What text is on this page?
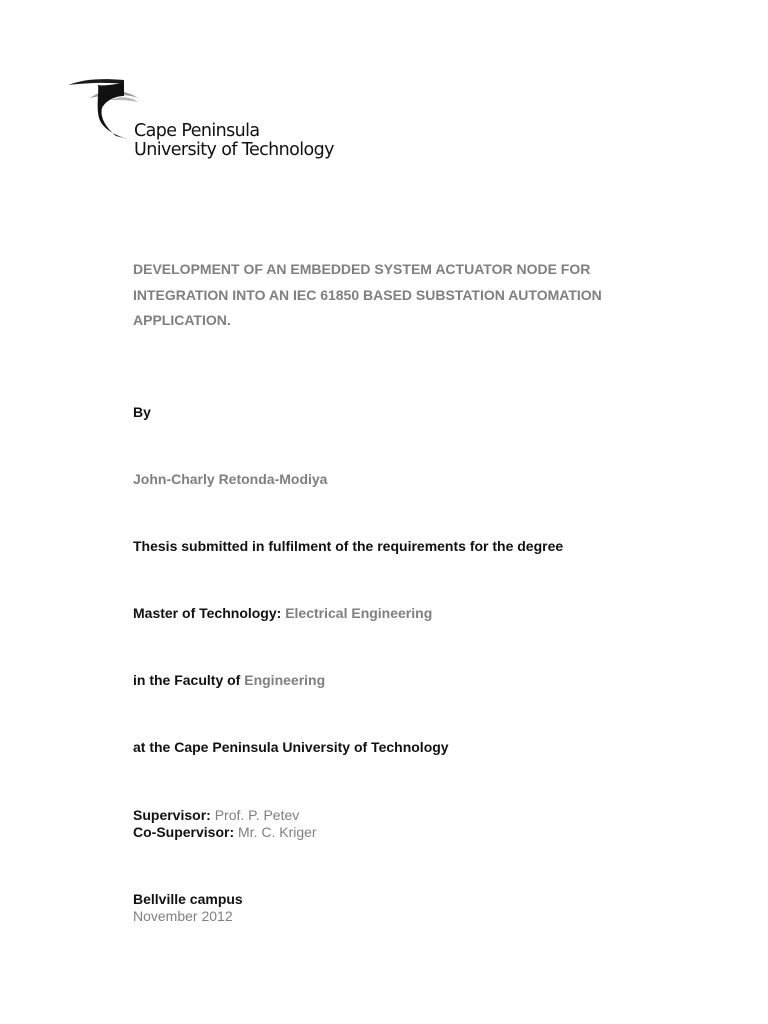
Cape Peninsula
University of Technology
DEVELOPMENT OF AN EMBEDDED SYSTEM ACTUATOR NODE FOR INTEGRATION INTO AN IEC 61850 BASED SUBSTATION AUTOMATION APPLICATION.
By
John-Charly Retonda-Modiya
Thesis submitted in fulfilment of the requirements for the degree
Master of Technology: Electrical Engineering
in the Faculty of Engineering
at the Cape Peninsula University of Technology
Supervisor: Prof. P. Petev
Co-Supervisor: Mr. C. Kriger
Bellville campus
November 2012
